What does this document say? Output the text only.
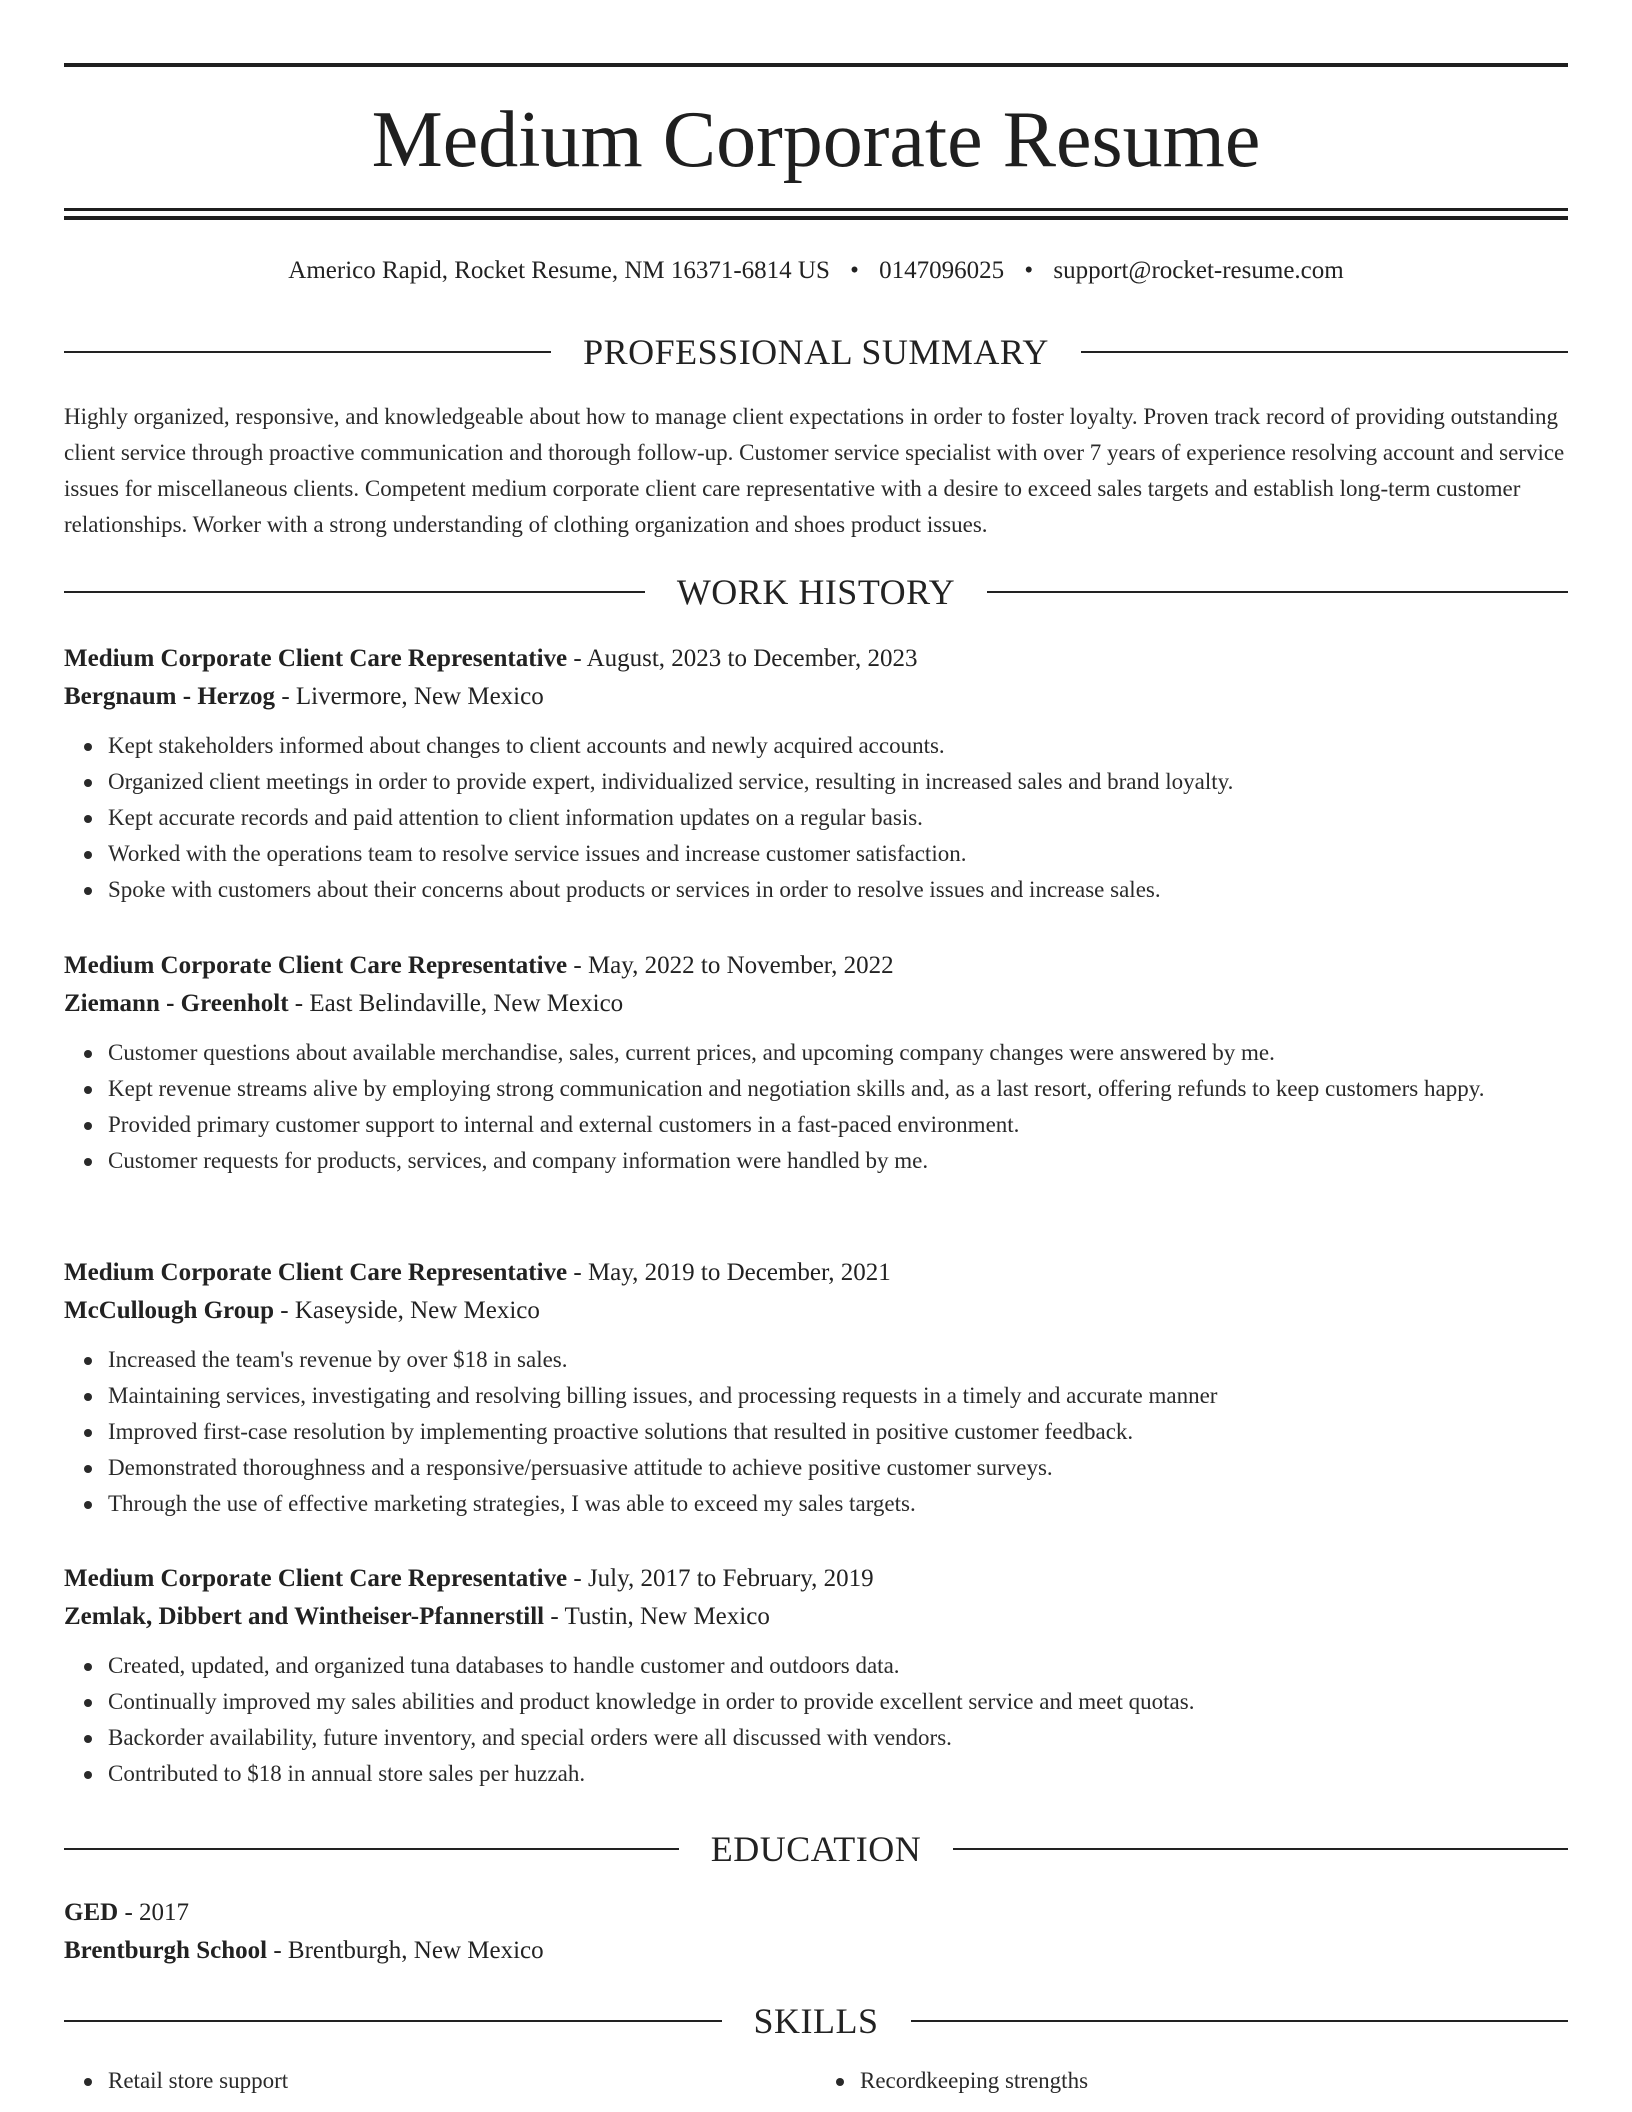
Medium Corporate Resume
Americo Rapid, Rocket Resume, NM 16371-6814 US • 0147096025 • support@rocket-resume.com
PROFESSIONAL SUMMARY

Highly organized, responsive, and knowledgeable about how to manage client expectations in order to foster loyalty. Proven track record of providing outstanding client service through proactive communication and thorough follow-up. Customer service specialist with over 7 years of experience resolving account and service issues for miscellaneous clients. Competent medium corporate client care representative with a desire to exceed sales targets and establish long-term customer relationships. Worker with a strong understanding of clothing organization and shoes product issues.

WORK HISTORY

Medium Corporate Client Care Representative - August, 2023 to December, 2023

Bergnaum - Herzog - Livermore, New Mexico

Kept stakeholders informed about changes to client accounts and newly acquired accounts.
Organized client meetings in order to provide expert, individualized service, resulting in increased sales and brand loyalty.
Kept accurate records and paid attention to client information updates on a regular basis.
Worked with the operations team to resolve service issues and increase customer satisfaction.
Spoke with customers about their concerns about products or services in order to resolve issues and increase sales.

Medium Corporate Client Care Representative - May, 2022 to November, 2022

Ziemann - Greenholt - East Belindaville, New Mexico

Customer questions about available merchandise, sales, current prices, and upcoming company changes were answered by me.
Kept revenue streams alive by employing strong communication and negotiation skills and, as a last resort, offering refunds to keep customers happy.
Provided primary customer support to internal and external customers in a fast-paced environment.
Customer requests for products, services, and company information were handled by me.

Medium Corporate Client Care Representative - May, 2019 to December, 2021

McCullough Group - Kaseyside, New Mexico

Increased the team's revenue by over $18 in sales.
Maintaining services, investigating and resolving billing issues, and processing requests in a timely and accurate manner
Improved first-case resolution by implementing proactive solutions that resulted in positive customer feedback.
Demonstrated thoroughness and a responsive/persuasive attitude to achieve positive customer surveys.
Through the use of effective marketing strategies, I was able to exceed my sales targets.

Medium Corporate Client Care Representative - July, 2017 to February, 2019

Zemlak, Dibbert and Wintheiser-Pfannerstill - Tustin, New Mexico

Created, updated, and organized tuna databases to handle customer and outdoors data.
Continually improved my sales abilities and product knowledge in order to provide excellent service and meet quotas.
Backorder availability, future inventory, and special orders were all discussed with vendors.
Contributed to $18 in annual store sales per huzzah.
EDUCATION

GED - 2017

Brentburgh School - Brentburgh, New Mexico

SKILLS
Retail store support	Recordkeeping strengths
